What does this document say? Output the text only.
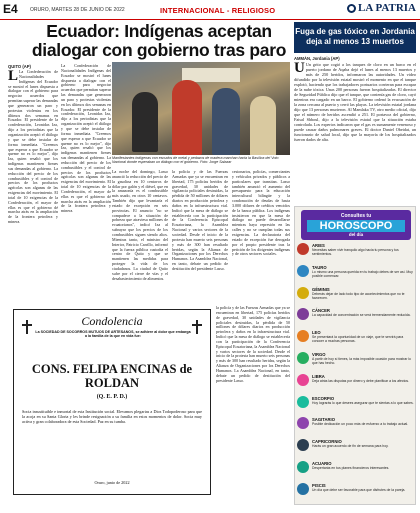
E4 ORURO, MARTES 28 DE JUNIO DE 2022	INTERNACIONAL - RELIGIOSO	LA PATRIA
Ecuador: Indígenas aceptan dialogar con gobierno tras paro
Manifestantes indígenas con escudos de metal y pedazos de madera marchan hacia la Basílica del Voto Nacional donde esperaban un diálogo con el gobierno. Foto: Jorge Salazar
QUITO (AP)
L La Confederación de Nacionalidades Indígenas del Ecuador se mostró el lunes dispuesta a dialogar con el gobierno para negociar acuerdos que permitan superar las demandas que generaron un paro y protestas violentas en los últimos dos semanas en Ecuador. El presidente de la confederación, Leonidas Iza, dijo a los periodistas que la organización aceptó el diálogo y que se debe instalar de forma inmediata. "Creemos que esperar a que Ecuador se queme no es lo mejor", dijo Iza, quien resaltó que los indígenas mantienen firmes sus demandas al gobierno. La reducción del precio de los combustibles y el control de precios de los productos agrícolas son algunas de las exigencias del movimiento. El total de 10 exigencias de la Confederación, el mayor de ellas es que el gobierno dé marcha atrás en la ampliación de la frontera petrolera y minera.
La Confederación de Nacionalidades Indígenas del Ecuador se mostró el lunes dispuesta a dialogar con el gobierno para negociar acuerdos que permitan superar las demandas que generaron un paro y protestas violentas en los últimos dos semanas en Ecuador. El presidente de la confederación, Leonidas Iza, dijo a los periodistas que la organización aceptó el diálogo y que se debe instalar de forma inmediata. "Creemos que esperar a que Ecuador se queme no es lo mejor", dijo Iza, quien resaltó que los indígenas mantienen firmes sus demandas al gobierno. La reducción del precio de los combustibles y el control de precios de los productos agrícolas son algunas de las exigencias del movimiento. El total de 10 exigencias de la Confederación, el mayor de ellas es que el gobierno dé marcha atrás en la ampliación de la frontera petrolera y minera.
La noche del domingo, Lasso anunció la reducción del precio de la gasolina en 10 centavos de dólar por galón y el diésel, que en la amazonía es el combustible más usado, en otros 10 centavos. También dijo que levantaría el estado de excepción en seis provincias. El anuncio "no se compadece a la situación de pobreza que atraviesa millones de ecuatorianos", indicó Iza al subrayar que los precios de los combustibles siguen siendo altos. Mientras tanto, el ministro del Interior, Patricio Carrillo, informó que la fuerza pública custodia el centro de Quito y que se mantienen las medidas para proteger la vida de los ciudadanos. La ciudad de Quito sufre por el cierre de vías y el desabastecimiento de alimentos.
la policía y de las Fuerzas Armadas que ya se encuentran en libertad, 175 policías heridos de gravedad, 30 unidades de vigilancia policiales destruidas, la pérdida de 50 millones de dólares diarios en producción petrolera y daños en la infraestructura vial. Indicó que la mesa de diálogo se establecería con la participación de la Conferencia Episcopal Ecuatoriana, la Asamblea Nacional y varios sectores de la sociedad. Desde el inicio de la protesta han muerto seis personas y más de 300 han resultado heridas, según la Alianza de Organizaciones por los Derechos Humanos. La Asamblea Nacional, en tanto, debate un pedido de destitución del presidente Lasso.
cesionarios, policías, comerciantes y vehículos privados y públicos a particulares que transitan. Lasso también anunció el aumento del presupuesto para la educación intercultural bilingüe y la condonación de deudas de hasta 3.000 dólares de créditos vencidos de la banca pública. Los indígenas insistieron en que la mesa de diálogo no puede desarrollarse mientras haya represión en las calles y no se cumplan todas sus exigencias. La declaratoria del estado de excepción fue derogada por el propio presidente tras la petición de los dirigentes indígenas y de otros sectores sociales.
la policía y de las Fuerzas Armadas que ya se encuentran en libertad, 175 policías heridos de gravedad, 30 unidades de vigilancia policiales destruidas, la pérdida de 50 millones de dólares diarios en producción petrolera y daños en la infraestructura vial. Indicó que la mesa de diálogo se establecería con la participación de la Conferencia Episcopal Ecuatoriana, la Asamblea Nacional y varios sectores de la sociedad. Desde el inicio de la protesta han muerto seis personas y más de 300 han resultado heridas, según la Alianza de Organizaciones por los Derechos Humanos. La Asamblea Nacional, en tanto, debate un pedido de destitución del presidente Lasso.
Condolencia
La SOCIEDAD DE SOCORROS MUTUOS DE ARTESANOS, se adhiere al dolor que embarga a la familia de la que en vida fue:
CONS. FELIPA ENCINAS de ROLDAN
(Q. E. P. D.)
Socia insustituible e inmortal de esta Institución social. Elevamos plegarias a Dios Todopoderoso para que la acoja en su Santa Gloria y les brinde resignación a su familia en estos momentos de dolor. Socia muy activa y gran colaboradora de esta Sociedad. Paz en su tumba.
Oruro, junio de 2022
Fuga de gas tóxico en Jordania deja al menos 13 muertos
AMMÁN, Jordania (AP)
U Un grito que cogió a los tanques de cloro en un barco en el puerto jordano de Aqaba dejó el lunes al menos 13 muertos y más de 250 heridos, informaron las autoridades. Un video difundido por la televisión estatal mostró el momento en que el tanque explotó, haciendo que los trabajadores portuarios corrieran para escapar de la nube tóxica. Unas 200 personas fueron hospitalizadas. El director de Seguridad Pública dijo que el tanque, que contenía gas de cloro, cayó mientras era cargado en un barco. El gobierno ordenó la evacuación de la zona cercana al puerto y cerró las playas. La televisión estatal jordana dijo que 13 personas murieron. Al Mamlaka TV, otro medio oficial, dijo que el número de heridos ascendió a 251. El portavoz del gobierno, Faisal Shboul, dijo a la televisión estatal que la situación estaba controlada. Los expertos indicaron que el gas es sumamente venenoso y puede causar daños pulmonares graves. El doctor Daniel Obeidat, un funcionario de salud local, dijo que la mayoría de los hospitalizados fueron dados de alta.
Consultes tu
HOROSCOPO
del día
ARIES
Necesitas saber vivir tranquilo algo hacia tu persona y tus sentimientos.
TAURO
Lo mismo una persona querida en tu trabajo debes de ser así. Muy posible comenzar.
GÉMINIS
Deberás dejar de lado todo tipo de acontecimientos que no te favorecen.
CÁNCER
La capacidad de concentración se verá tremendamente reducida.
LEO
Se presentará la oportunidad de un viaje, que te servirá para conocer a muchas personas.
VIRGO
A partir de hoy sí tienes, la más imposible ocasión para mostrar lo que has hecho.
LIBRA
Deja atrás las disputas por dinero y debe planificar a los afectos.
ESCORPIO
Hoy lograrás lo que desees asegurar que te sientas a lo que sabes.
SAGITARIO
Posible dedicación un poco más de esfuerzo a tu trabajo actual.
CAPRICORNIO
Harás un gran acuerdo de fin de semana para hoy.
ACUARIO
Despertarás en tus planes financieros interesantes.
PISCIS
Un día que debe ser favorable para que disfrutes de la pareja.
